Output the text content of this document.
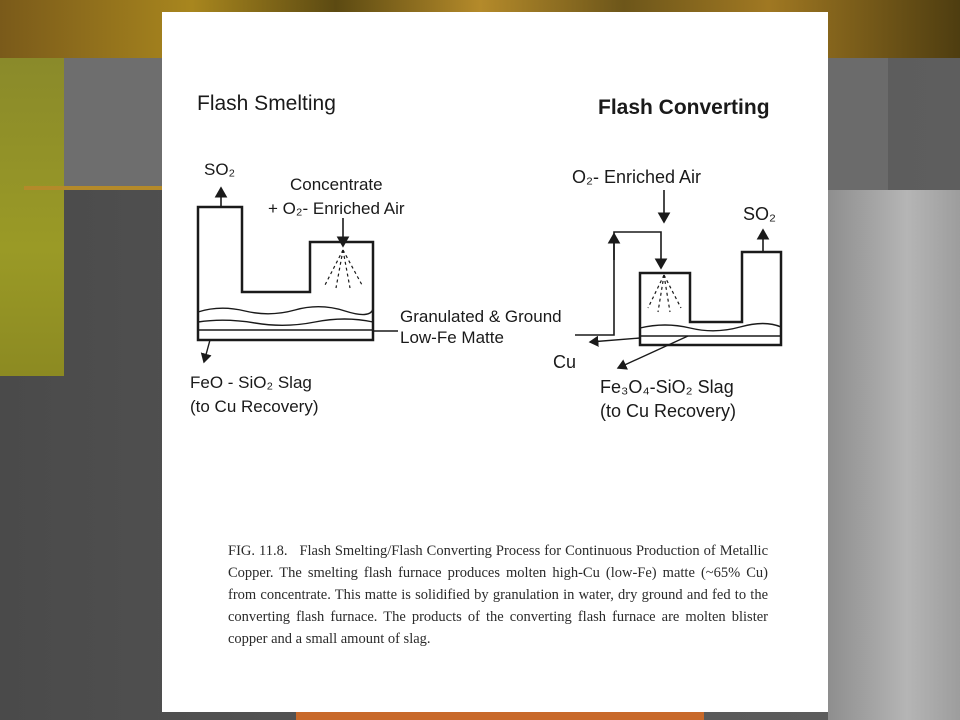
Flash Smelting	Flash Converting
SO₂
Concentrate
+ O₂- Enriched Air
FeO - SiO₂ Slag
(to Cu Recovery)
Granulated & Ground
Low-Fe Matte
O₂- Enriched Air
SO₂
Cu
Fe₃O₄-SiO₂ Slag
(to Cu Recovery)
FIG. 11.8. Flash Smelting/Flash Converting Process for Continuous Production of Metallic Copper. The smelting flash furnace produces molten high-Cu (low-Fe) matte (~65% Cu) from concentrate. This matte is solidified by granulation in water, dry ground and fed to the converting flash furnace. The products of the converting flash furnace are molten blister copper and a small amount of slag.
